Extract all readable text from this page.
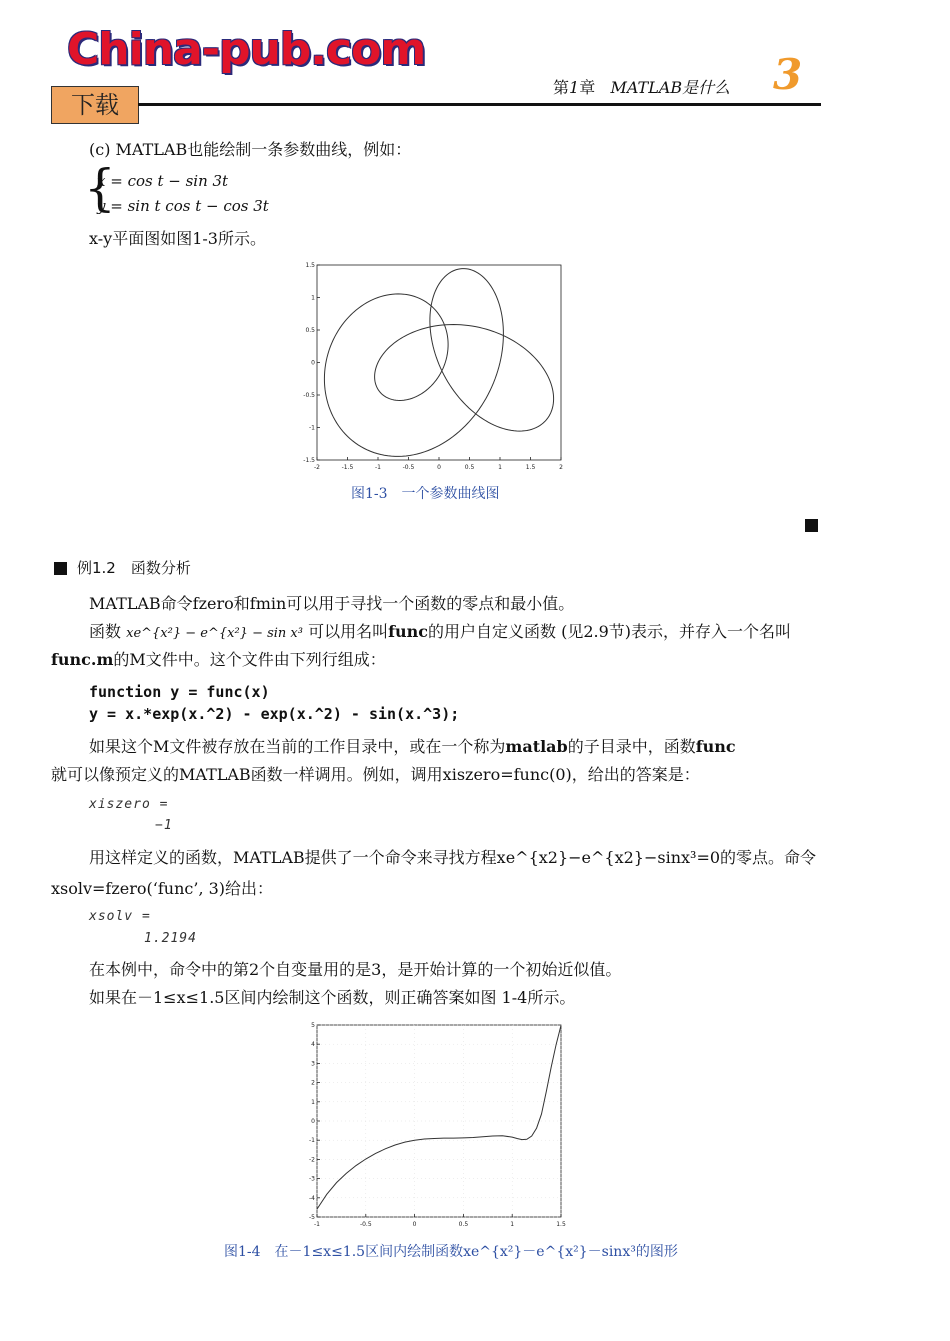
China-pub.com
下载
第1章 MATLAB是什么 3
(c) MATLAB也能绘制一条参数曲线，例如：
{
x = cos t − sin 3t
y = sin t cos t − cos 3t
x-y平面图如图1-3所示。
-2	-1.5	-1	-0.5	0	0.5	1	1.5	2
-1.5
-1
-0.5
0
0.5
1
1.5
图1-3　一个参数曲线图
例1.2　函数分析
MATLAB命令fzero和fmin可以用于寻找一个函数的零点和最小值。
函数 xe^{x²} − e^{x²} − sin x³ 可以用名叫func的用户自定义函数 (见2.9节)表示，并存入一个名叫
func.m的M文件中。这个文件由下列行组成：
function y = func(x)
y = x.*exp(x.^2) - exp(x.^2) - sin(x.^3);
如果这个M文件被存放在当前的工作目录中，或在一个称为matlab的子目录中，函数func
就可以像预定义的MATLAB函数一样调用。例如，调用xiszero=func(0)，给出的答案是：
xiszero =
−1
用这样定义的函数，MATLAB提供了一个命令来寻找方程xe^{x2}−e^{x2}−sinx³=0的零点。命令
xsolv=fzero(‘func’, 3)给出：
xsolv =
1.2194
在本例中，命令中的第2个自变量用的是3，是开始计算的一个初始近似值。
如果在－1≤x≤1.5区间内绘制这个函数，则正确答案如图 1-4所示。
-1	-0.5	0	0.5	1	1.5
-5
-4
-3
-2
-1
0
1
2
3
4
5
图1-4　在－1≤x≤1.5区间内绘制函数xe^{x²}－e^{x²}－sinx³的图形
